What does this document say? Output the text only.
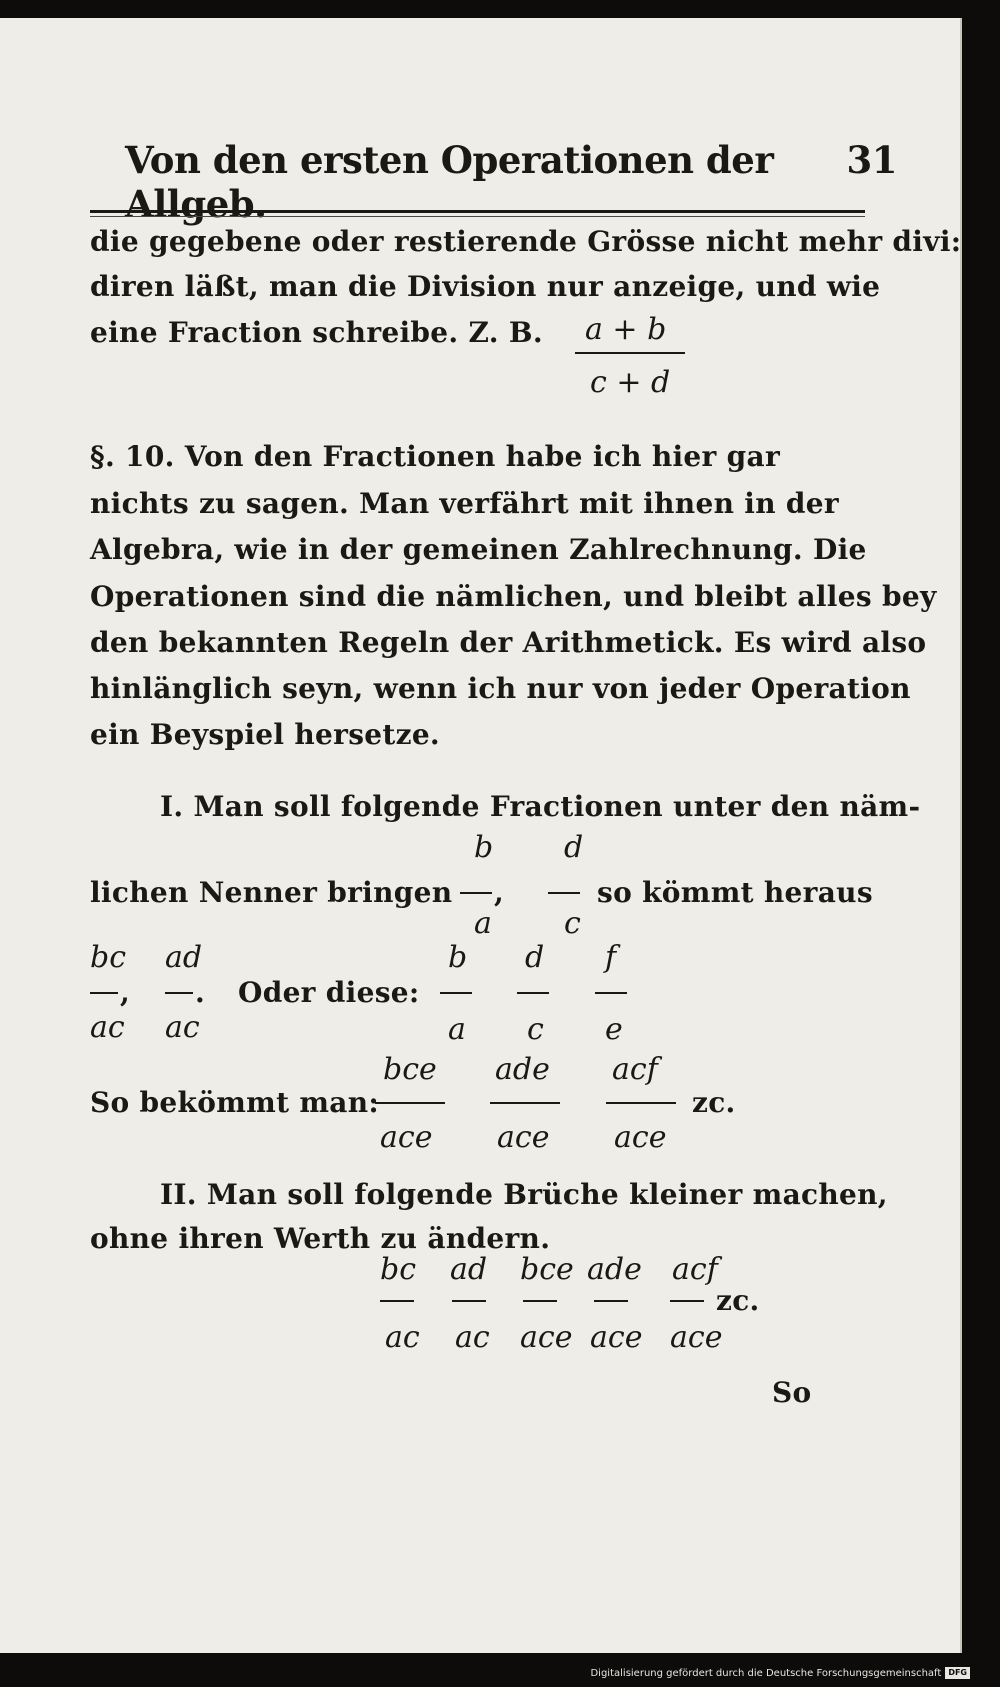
Von den ersten Operationen der Allgeb.
31
die gegebene oder restierende Grösse nicht mehr divi:
diren läßt, man die Division nur anzeige, und wie
eine Fraction schreibe. Z. B.	a + b
c + d
§. 10. Von den Fractionen habe ich hier gar
nichts zu sagen. Man verfährt mit ihnen in der
Algebra, wie in der gemeinen Zahlrechnung. Die
Operationen sind die nämlichen, und bleibt alles bey
den bekannten Regeln der Arithmetick. Es wird also
hinlänglich seyn, wenn ich nur von jeder Operation
ein Beyspiel hersetze.
I. Man soll folgende Fractionen unter den näm-
b d
lichen Nenner bringen	,	so kömmt heraus
a c
bc ad
,	.
ac ac
Oder diese:
b d f
a c e
bce ade acf
So bekömmt man:	zc.
ace ace ace
II. Man soll folgende Brüche kleiner machen,
ohne ihren Werth zu ändern.
bc ad bce ade acf
zc.
ac ac ace ace ace
So
Digitalisierung gefördert durch die Deutsche Forschungsgemeinschaft DFG
